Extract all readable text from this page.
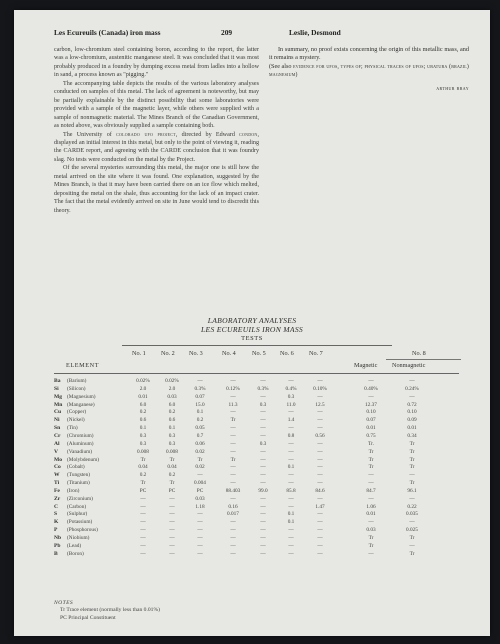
Les Ecureuils (Canada) iron mass	209	Leslie, Desmond

carbon, low-chromium steel containing boron, according to the report, the latter was a low-chromium, austenitic manganese steel. It was concluded that it was most probably produced in a foundry by dumping excess metal from ladles into a hollow in sand, a process known as "pigging."

The accompanying table depicts the results of the various laboratory analyses conducted on samples of this metal. The lack of agreement is noteworthy, but may be partially explainable by the distinct possibility that some laboratories were provided with a sample of the magnetic layer, while others were supplied with a sample of nonmagnetic material. The Mines Branch of the Canadian Government, as noted above, was obviously supplied a sample containing both.

The University of colorado ufo project, directed by Edward condon, displayed an initial interest in this metal, but only to the point of viewing it, reading the CARDE report, and agreeing with the CARDE conclusion that it was foundry slag. No tests were conducted on the metal by the Project.

Of the several mysteries surrounding this metal, the major one is still how the metal arrived on the site where it was found. One explanation, suggested by the Mines Branch, is that it may have been carried there on an ice flow which melted, depositing the metal on the shale, thus accounting for the lack of an impact crater. The fact that the metal evidently arrived on site in June would tend to discredit this theory.

In summary, no proof exists concerning the origin of this metallic mass, and it remains a mystery.

(See also evidence for ufos, types of; physical traces of ufos; ubatuba (brazil) magnesium)
arthur bray
LABORATORY ANALYSES
LES ECUREUILS IRON MASS
TESTS
No. 1 No. 2 No. 3	No. 4	No. 5 No. 6 No. 7	No. 8
Magnetic Nonmagnetic
ELEMENT
Ba (Barium)	0.02%	0.02%	—	—	—	—	—	—	—
Si (Silicon)	2.0	2.0	0.3%	0.12%	0.3%	0.4%	0.10%	0.40%	0.24%
Mg (Magnesium)	0.01	0.03	0.07	—	—	0.3	—	—	—
Mn (Manganese)	6.0	6.0	15.0	11.3	0.3	11.0	12.5	12.37	0.72
Cu (Copper)	0.2	0.2	0.1	—	—	—	—	0.10	0.10
Ni (Nickel)	0.6	0.6	0.2	Tr	—	1.4	—	0.07	0.09
Sn (Tin)	0.1	0.1	0.05	—	—	—	—	0.01	0.01
Cr (Chromium)	0.3	0.3	0.7	—	—	0.8	0.56	0.75	0.34
Al (Aluminum)	0.3	0.3	0.06	—	0.3	—	—	Tr.	Tr
V (Vanadium)	0.008	0.008	0.02	—	—	—	—	Tr	Tr
Mo (Molybdenum)	Tr	Tr	Tr	Tr	—	—	—	Tr	Tr
Co (Cobalt)	0.04	0.04	0.02	—	—	0.1	—	Tr	Tr
W (Tungsten)	0.2	0.2	—	—	—	—	—	—	—
Ti (Titanium)	Tr	Tr	0.004	—	—	—	—	—	Tr
Fe (Iron)	PC	PC	PC	88.403	99.0	85.8	84.6	84.7	96.1
Zr (Zirconium)	—	—	0.03	—	—	—	—	—	—
C (Carbon)	—	—	1.18	0.16	—	—	1.47	1.06	0.22
S (Sulphur)	—	—	—	0.017	—	0.1	—	0.01	0.035
K (Potassium)	—	—	—	—	—	0.1	—	—	—
P (Phosphorous)	—	—	—	—	—	—	—	0.03	0.025
Nb (Niobium)	—	—	—	—	—	—	—	Tr	Tr
Pb (Lead)	—	—	—	—	—	—	—	Tr	—
B (Boron)	—	—	—	—	—	—	—	—	Tr
NOTES
Tr Trace element (normally less than 0.01%)
PC Principal Constituent
